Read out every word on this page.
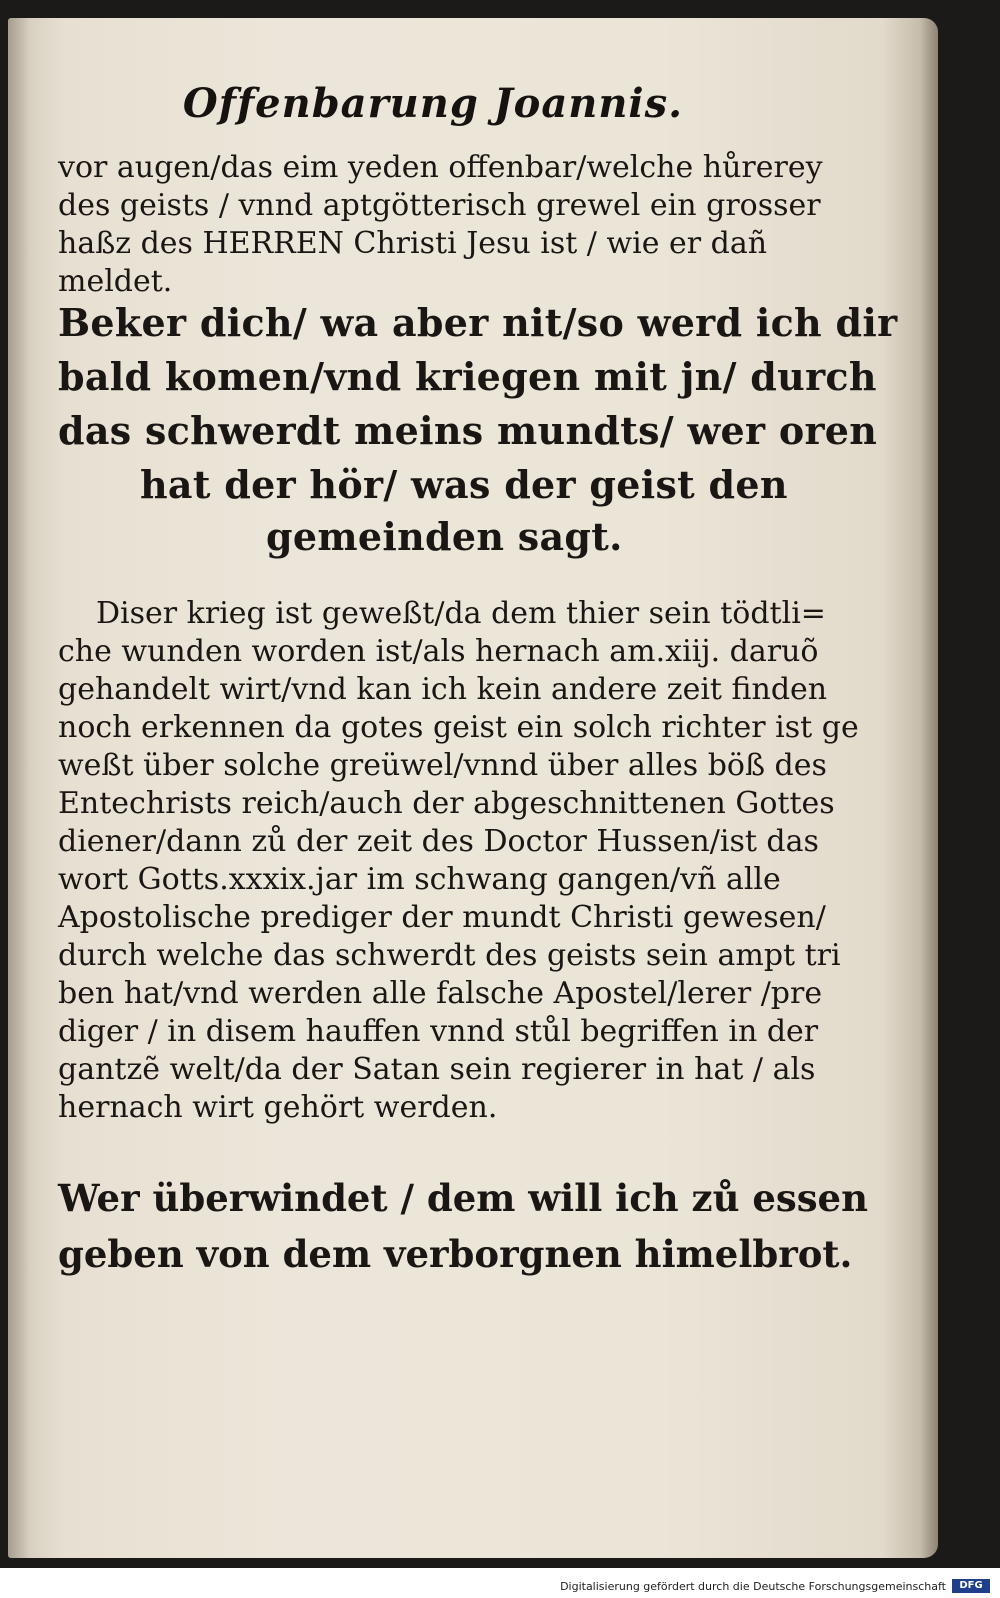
Offenbarung Joannis.
vor augen/das eim yeden offenbar/welche hůrerey
des geists / vnnd aptgötterisch grewel ein grosser
haßz des HERREN Christi Jesu ist / wie er dañ
meldet.
Beker dich/ wa aber nit/so werd ich dir
bald komen/vnd kriegen mit jn/ durch
das schwerdt meins mundts/ wer oren
hat der hör/ was der geist den
gemeinden sagt.
Diser krieg ist geweßt/da dem thier sein tödtli=
che wunden worden ist/als hernach am.xiij. daruõ
gehandelt wirt/vnd kan ich kein andere zeit finden
noch erkennen da gotes geist ein solch richter ist ge
weßt über solche greüwel/vnnd über alles böß des
Entechrists reich/auch der abgeschnittenen Gottes
diener/dann zů der zeit des Doctor Hussen/ist das
wort Gotts.xxxix.jar im schwang gangen/vñ alle
Apostolische prediger der mundt Christi gewesen/
durch welche das schwerdt des geists sein ampt tri
ben hat/vnd werden alle falsche Apostel/lerer /pre
diger / in disem hauffen vnnd stůl begriffen in der
gantzẽ welt/da der Satan sein regierer in hat / als
hernach wirt gehört werden.
Wer überwindet / dem will ich zů essen
geben von dem verborgnen himelbrot.
Digitalisierung gefördert durch die Deutsche Forschungsgemeinschaft	DFG
